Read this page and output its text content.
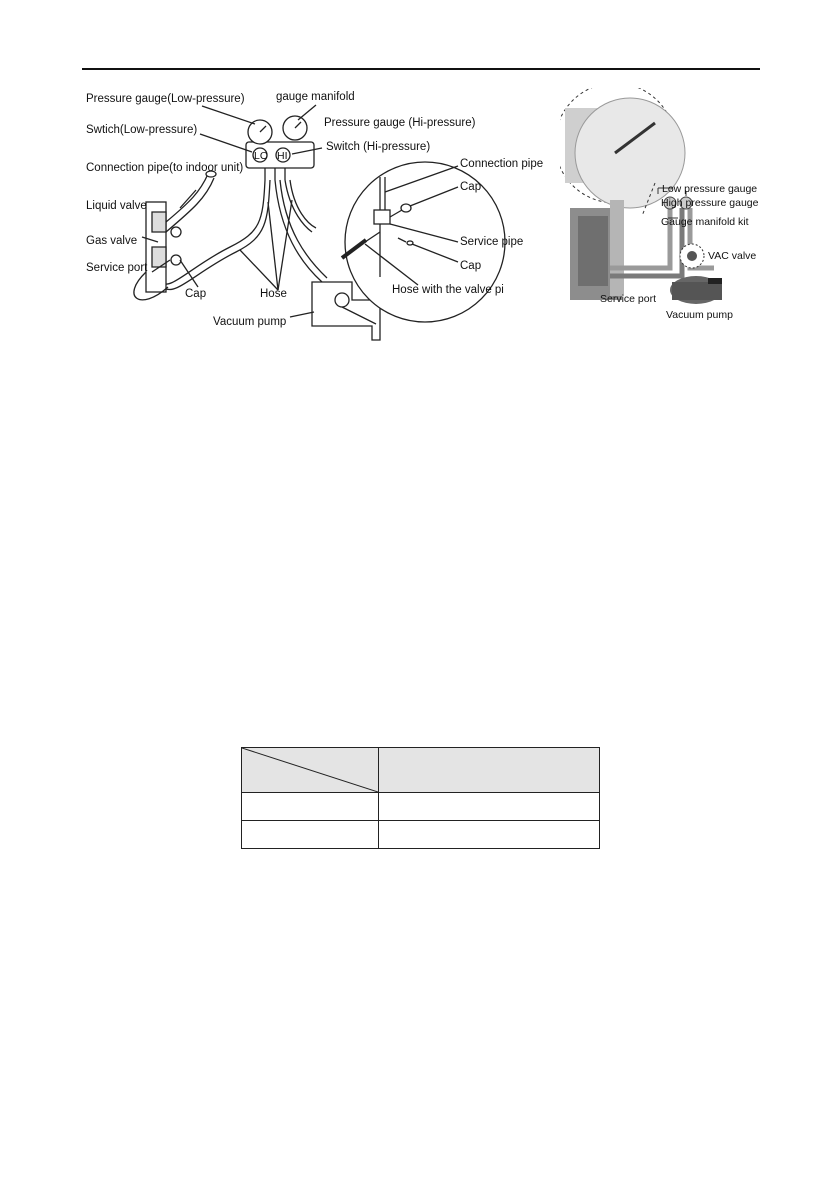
Pressure gauge(Low-pressure)	gauge manifold
Pressure gauge (Hi-pressure)
Swtich(Low-pressure)
Switch (Hi-pressure)
Connection pipe(to indoor unit)
Liquid valve
Gas valve
Service port
Cap	Hose
Vacuum pump
Connection pipe
Cap
Service pipe
Cap
Hose with the valve pi
LO HI
Low pressure gauge
High pressure gauge
Gauge manifold kit
VAC valve
Service port
Vacuum pump
